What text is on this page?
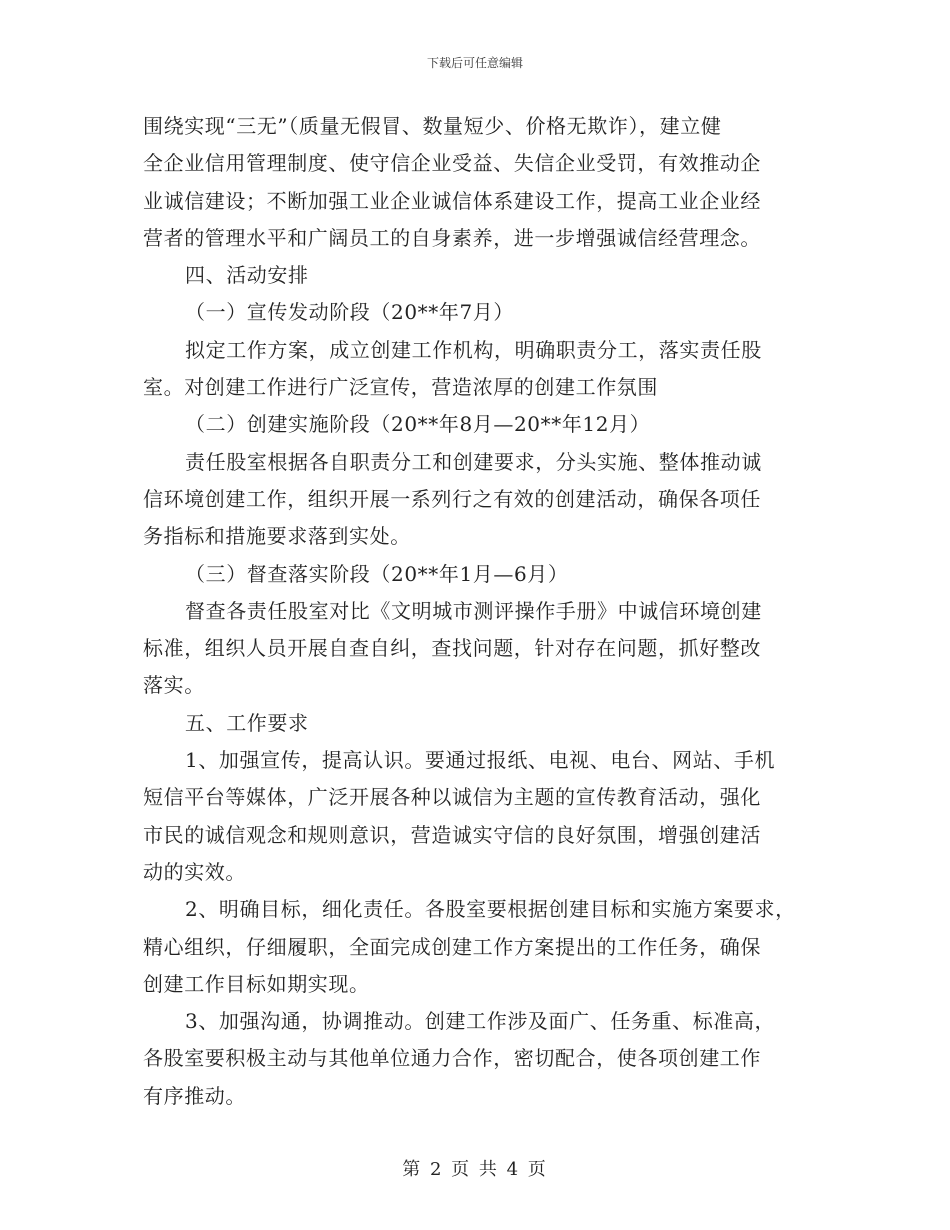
下载后可任意编辑
围绕实现“三无”（质量无假冒、数量短少、价格无欺诈），建立健
全企业信用管理制度、使守信企业受益、失信企业受罚，有效推动企
业诚信建设；不断加强工业企业诚信体系建设工作，提高工业企业经
营者的管理水平和广阔员工的自身素养，进一步增强诚信经营理念。
四、活动安排
（一）宣传发动阶段（20**年7月）
拟定工作方案，成立创建工作机构，明确职责分工，落实责任股
室。对创建工作进行广泛宣传，营造浓厚的创建工作氛围
（二）创建实施阶段（20**年8月—20**年12月）
责任股室根据各自职责分工和创建要求，分头实施、整体推动诚
信环境创建工作，组织开展一系列行之有效的创建活动，确保各项任
务指标和措施要求落到实处。
（三）督查落实阶段（20**年1月—6月）
督查各责任股室对比《文明城市测评操作手册》中诚信环境创建
标准，组织人员开展自查自纠，查找问题，针对存在问题，抓好整改
落实。
五、工作要求
1、加强宣传，提高认识。要通过报纸、电视、电台、网站、手机
短信平台等媒体，广泛开展各种以诚信为主题的宣传教育活动，强化
市民的诚信观念和规则意识，营造诚实守信的良好氛围，增强创建活
动的实效。
2、明确目标，细化责任。各股室要根据创建目标和实施方案要求，
精心组织，仔细履职，全面完成创建工作方案提出的工作任务，确保
创建工作目标如期实现。
3、加强沟通，协调推动。创建工作涉及面广、任务重、标准高，
各股室要积极主动与其他单位通力合作，密切配合，使各项创建工作
有序推动。
第 2 页 共 4 页
